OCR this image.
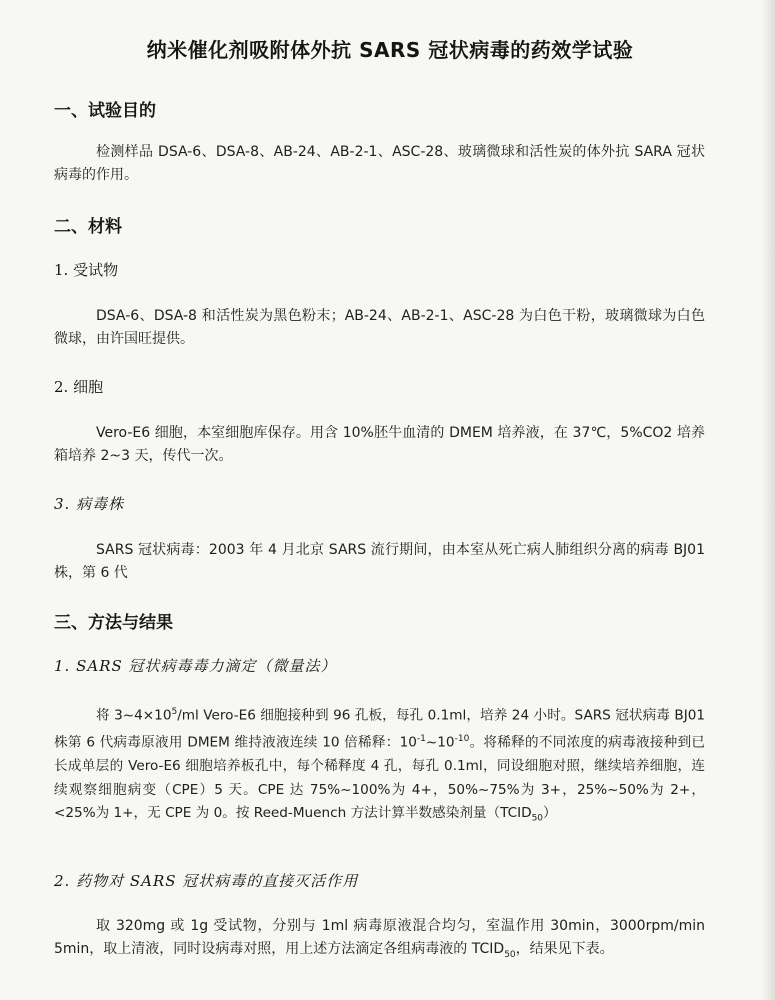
纳米催化剂吸附体外抗 SARS 冠状病毒的药效学试验
一、试验目的
检测样品 DSA-6、DSA-8、AB-24、AB-2-1、ASC-28、玻璃微球和活性炭的体外抗 SARA 冠状病毒的作用。
二、材料
1. 受试物
DSA-6、DSA-8 和活性炭为黑色粉末；AB-24、AB-2-1、ASC-28 为白色干粉，玻璃微球为白色微球，由许国旺提供。
2. 细胞
Vero-E6 细胞，本室细胞库保存。用含 10%胚牛血清的 DMEM 培养液，在 37℃，5%CO2 培养箱培养 2~3 天，传代一次。
3. 病毒株
SARS 冠状病毒：2003 年 4 月北京 SARS 流行期间，由本室从死亡病人肺组织分离的病毒 BJ01 株，第 6 代
三、方法与结果
1. SARS 冠状病毒毒力滴定（微量法）
将 $3\sim 4\times 10^5/ml$ Vero-E6 细胞接种到 96 孔板，每孔 0.1ml，培养 24 小时。SARS 冠状病毒 BJ01 株第 6 代病毒原液用 DMEM 维持液液连续 10 倍稀释：$10^{-1}\sim 10^{-10}$。将稀释的不同浓度的病毒液接种到已长成单层的 Vero-E6 细胞培养板孔中，每个稀释度 4 孔，每孔 0.1ml，同设细胞对照，继续培养细胞，连续观察细胞病变（CPE）5 天。CPE 达 75%~100%为 4+，50%~75%为 3+，25%~50%为 2+，<25%为 1+，无 CPE 为 0。按 Reed-Muench 方法计算半数感染剂量$(TCID_{50})$
2. 药物对 SARS 冠状病毒的直接灭活作用
取 320mg 或 1g 受试物，分别与 1ml 病毒原液混合均匀，室温作用 30min，3000rpm/min 5min，取上清液，同时设病毒对照，用上述方法滴定各组病毒液的 $TCID_{50}$，结果见下表。
